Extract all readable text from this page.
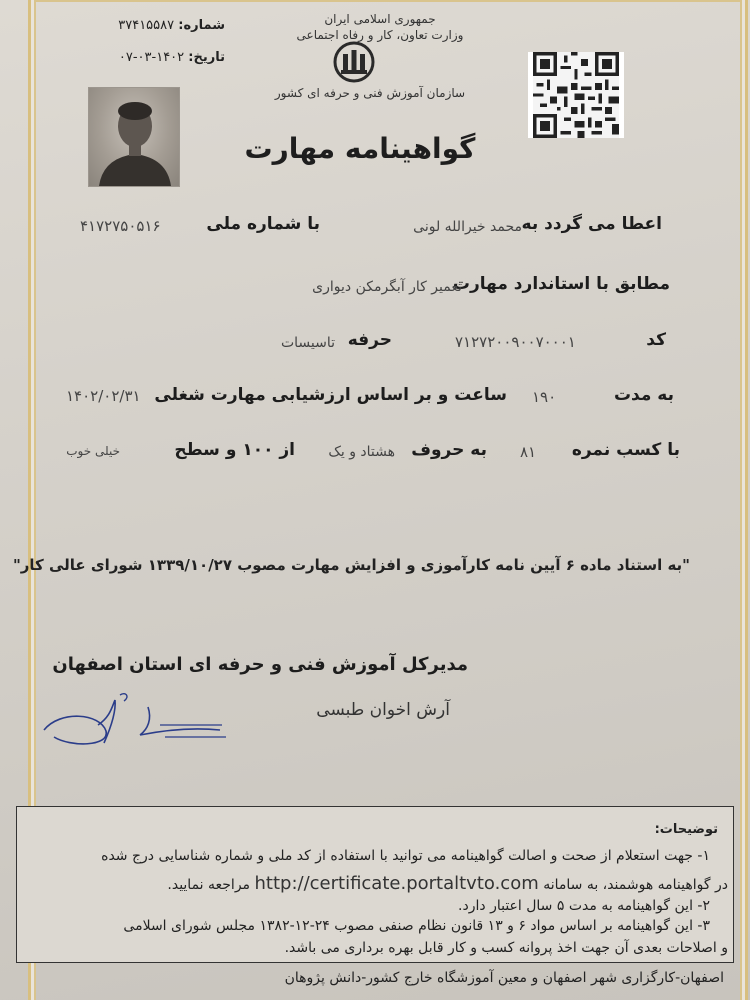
شماره: ۳۷۴۱۵۵۸۷
تاریخ: ۱۴۰۲-۰۳-۰۷
جمهوری اسلامی ایران
وزارت تعاون، کار و رفاه اجتماعی
سازمان آموزش فنی و حرفه ای کشور
گواهینامه مهارت
اعطا می گردد به
محمد خیرالله لونی
با شماره ملی
۴۱۷۲۷۵۰۵۱۶
مطابق با استاندارد مهارت
تعمیر کار آبگرمکن دیواری
کد
۷۱۲۷۲۰۰۹۰۰۷۰۰۰۱
حرفه
تاسیسات
به مدت
۱۹۰
ساعت و بر اساس ارزشیابی مهارت شغلی
۱۴۰۲/۰۲/۳۱
با کسب نمره
۸۱
به حروف
هشتاد و یک
از ۱۰۰ و سطح
خیلی خوب
"به استناد ماده ۶ آیین نامه کارآموزی و افزایش مهارت مصوب ۱۳۳۹/۱۰/۲۷ شورای عالی کار"
مدیرکل آموزش فنی و حرفه ای استان اصفهان
آرش اخوان طبسی
توضیحات:
۱- جهت استعلام از صحت و اصالت گواهینامه می توانید با استفاده از کد ملی و شماره شناسایی درج شده
در گواهینامه هوشمند، به سامانه http://certificate.portaltvto.com مراجعه نمایید.
۲- این گواهینامه به مدت ۵ سال اعتبار دارد.
۳- این گواهینامه بر اساس مواد ۶ و ۱۳ قانون نظام صنفی مصوب ۲۴-۱۲-۱۳۸۲ مجلس شورای اسلامی
و اصلاحات بعدی آن جهت اخذ پروانه کسب و کار قابل بهره برداری می باشد.
اصفهان-کارگزاری شهر اصفهان و معین آموزشگاه خارج کشور-دانش پژوهان
